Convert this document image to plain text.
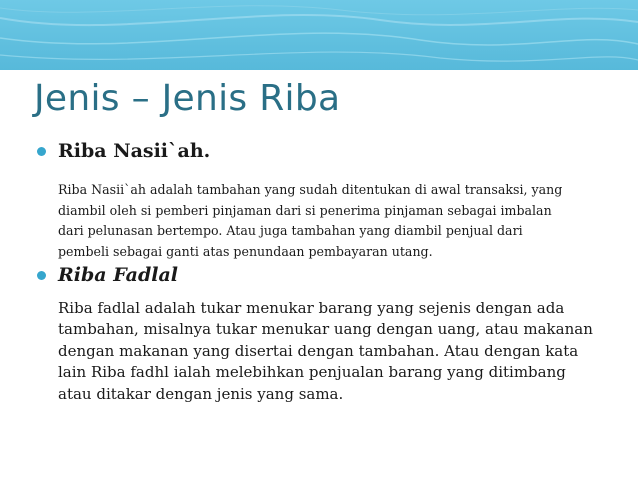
Jenis – Jenis Riba
Riba Nasii`ah.

Riba Nasii`ah adalah tambahan yang sudah ditentukan di awal transaksi, yang
diambil oleh si pemberi pinjaman dari si penerima pinjaman sebagai imbalan
dari pelunasan bertempo. Atau juga tambahan yang diambil penjual dari
pembeli sebagai ganti atas penundaan pembayaran utang.

Riba Fadlal

Riba fadlal adalah tukar menukar barang yang sejenis dengan ada
tambahan, misalnya tukar menukar uang dengan uang, atau makanan
dengan makanan yang disertai dengan tambahan. Atau dengan kata
lain Riba fadhl ialah melebihkan penjualan barang yang ditimbang
atau ditakar dengan jenis yang sama.
